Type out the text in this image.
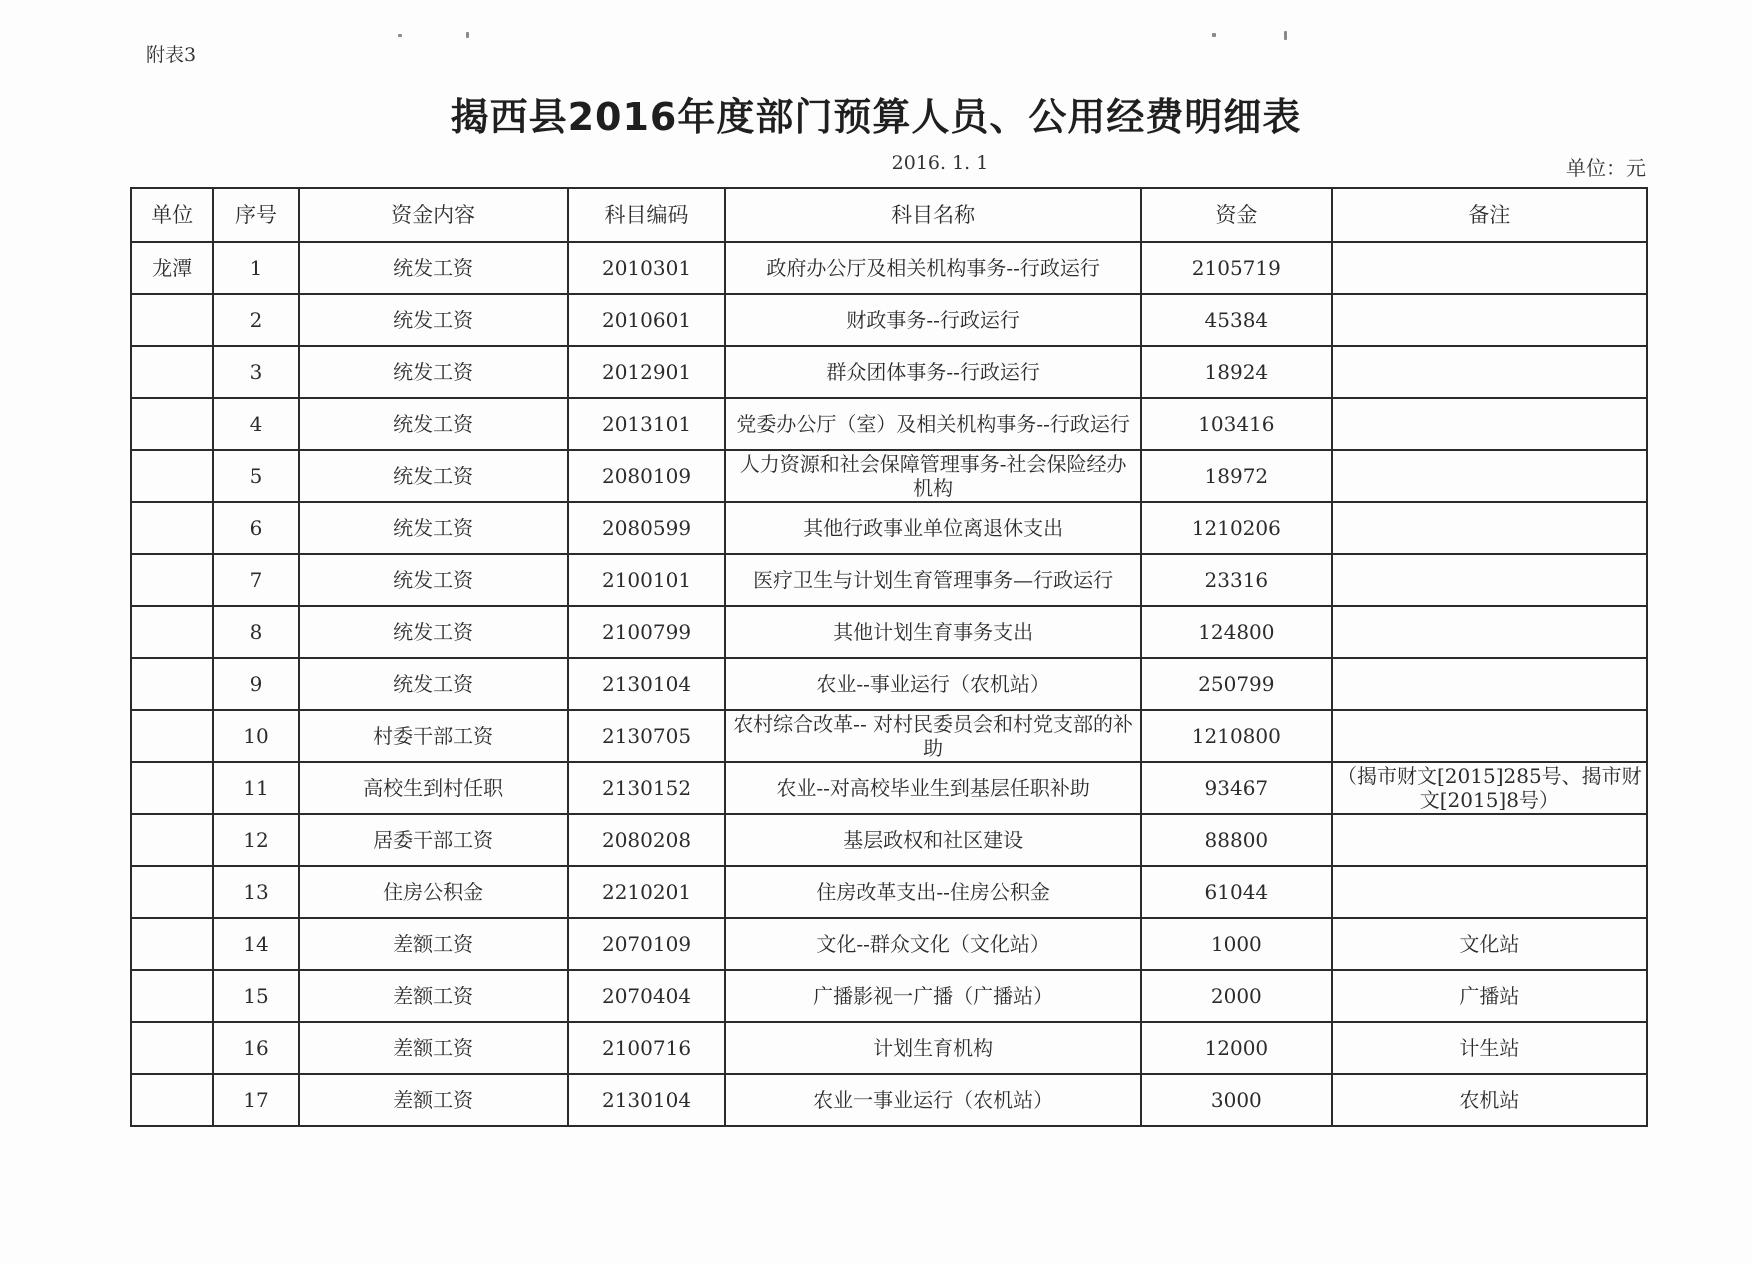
附表3
揭西县2016年度部门预算人员、公用经费明细表
2016. 1. 1	单位：元
单位	序号	资金内容	科目编码	科目名称	资金	备注
龙潭	1	统发工资	2010301	政府办公厅及相关机构事务--行政运行	2105719	
	2	统发工资	2010601	财政事务--行政运行	45384	
	3	统发工资	2012901	群众团体事务--行政运行	18924	
	4	统发工资	2013101	党委办公厅（室）及相关机构事务--行政运行	103416	
	5	统发工资	2080109	人力资源和社会保障管理事务-社会保险经办机构	18972	
	6	统发工资	2080599	其他行政事业单位离退休支出	1210206	
	7	统发工资	2100101	医疗卫生与计划生育管理事务—行政运行	23316	
	8	统发工资	2100799	其他计划生育事务支出	124800	
	9	统发工资	2130104	农业--事业运行（农机站）	250799	
	10	村委干部工资	2130705	农村综合改革-- 对村民委员会和村党支部的补助	1210800	
	11	高校生到村任职	2130152	农业--对高校毕业生到基层任职补助	93467	（揭市财文[2015]285号、揭市财文[2015]8号）
	12	居委干部工资	2080208	基层政权和社区建设	88800	
	13	住房公积金	2210201	住房改革支出--住房公积金	61044	
	14	差额工资	2070109	文化--群众文化（文化站）	1000	文化站
	15	差额工资	2070404	广播影视一广播（广播站）	2000	广播站
	16	差额工资	2100716	计划生育机构	12000	计生站
	17	差额工资	2130104	农业一事业运行（农机站）	3000	农机站
